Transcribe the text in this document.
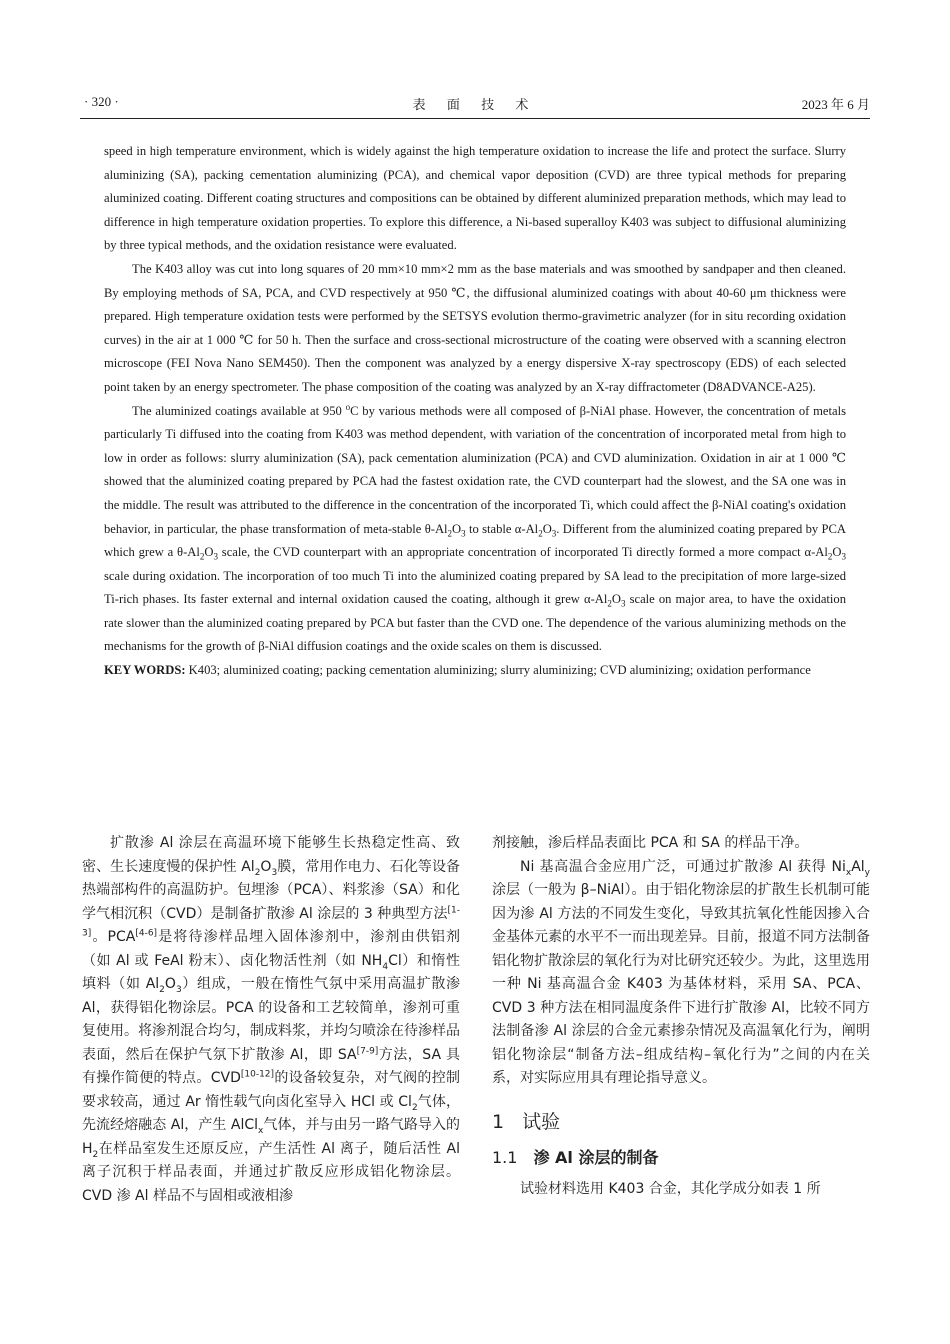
· 320 ·	表 面 技 术	2023 年 6 月

speed in high temperature environment, which is widely against the high temperature oxidation to increase the life and protect the surface. Slurry aluminizing (SA), packing cementation aluminizing (PCA), and chemical vapor deposition (CVD) are three typical methods for preparing aluminized coating. Different coating structures and compositions can be obtained by different aluminized preparation methods, which may lead to difference in high temperature oxidation properties. To explore this difference, a Ni-based superalloy K403 was subject to diffusional aluminizing by three typical methods, and the oxidation resistance were evaluated.

The K403 alloy was cut into long squares of 20 mm×10 mm×2 mm as the base materials and was smoothed by sandpaper and then cleaned. By employing methods of SA, PCA, and CVD respectively at 950 ℃, the diffusional aluminized coatings with about 40-60 μm thickness were prepared. High temperature oxidation tests were performed by the SETSYS evolution thermo-gravimetric analyzer (for in situ recording oxidation curves) in the air at 1 000 ℃ for 50 h. Then the surface and cross-sectional microstructure of the coating were observed with a scanning electron microscope (FEI Nova Nano SEM450). Then the component was analyzed by a energy dispersive X-ray spectroscopy (EDS) of each selected point taken by an energy spectrometer. The phase composition of the coating was analyzed by an X-ray diffractometer (D8ADVANCE-A25).

The aluminized coatings available at 950 $^o$C by various methods were all composed of β-NiAl phase. However, the concentration of metals particularly Ti diffused into the coating from K403 was method dependent, with variation of the concentration of incorporated metal from high to low in order as follows: slurry aluminization (SA), pack cementation aluminization (PCA) and CVD aluminization. Oxidation in air at 1 000 ℃ showed that the aluminized coating prepared by PCA had the fastest oxidation rate, the CVD counterpart had the slowest, and the SA one was in the middle. The result was attributed to the difference in the concentration of the incorporated Ti, which could affect the β-NiAl coating's oxidation behavior, in particular, the phase transformation of meta-stable $\theta-Al_2O_3$ to stable $\alpha-Al_2O_3$. Different from the aluminized coating prepared by PCA which grew a $\theta-Al_2O_3$ scale, the CVD counterpart with an appropriate concentration of incorporated Ti directly formed a more compact $\alpha-Al_2O_3$ scale during oxidation. The incorporation of too much Ti into the aluminized coating prepared by SA lead to the precipitation of more large-sized Ti-rich phases. Its faster external and internal oxidation caused the coating, although it grew $\alpha-Al_2O_3$ scale on major area, to have the oxidation rate slower than the aluminized coating prepared by PCA but faster than the CVD one. The dependence of the various aluminizing methods on the mechanisms for the growth of β-NiAl diffusion coatings and the oxide scales on them is discussed.

KEY WORDS: K403; aluminized coating; packing cementation aluminizing; slurry aluminizing; CVD aluminizing; oxidation performance

扩散渗 Al 涂层在高温环境下能够生长热稳定性高、致密、生长速度慢的保护性 $Al_2O_3$膜，常用作电力、石化等设备热端部构件的高温防护。包埋渗（PCA）、料浆渗（SA）和化学气相沉积（CVD）是制备扩散渗 Al 涂层的 3 种典型方法[1-3]。PCA[4-6]是将待渗样品埋入固体渗剂中，渗剂由供铝剂（如 Al 或 FeAl 粉末）、卤化物活性剂（如 $NH_4Cl$）和惰性填料（如 $Al_2O_3$）组成，一般在惰性气氛中采用高温扩散渗 Al，获得铝化物涂层。PCA 的设备和工艺较简单，渗剂可重复使用。将渗剂混合均匀，制成料浆，并均匀喷涂在待渗样品表面，然后在保护气氛下扩散渗 Al，即 SA[7-9]方法，SA 具有操作简便的特点。CVD[10-12]的设备较复杂，对气阀的控制要求较高，通过 Ar 惰性载气向卤化室导入 HCl 或 $Cl_2$气体，先流经熔融态 Al，产生 AlCl$_x$气体，并与由另一路气路导入的 $H_2$在样品室发生还原反应，产生活性 Al 离子，随后活性 Al 离子沉积于样品表面，并通过扩散反应形成铝化物涂层。CVD 渗 Al 样品不与固相或液相渗

剂接触，渗后样品表面比 PCA 和 SA 的样品干净。

Ni 基高温合金应用广泛，可通过扩散渗 Al 获得 $Ni_xAl_y$涂层（一般为 β–NiAl）。由于铝化物涂层的扩散生长机制可能因为渗 Al 方法的不同发生变化，导致其抗氧化性能因掺入合金基体元素的水平不一而出现差异。目前，报道不同方法制备铝化物扩散涂层的氧化行为对比研究还较少。为此，这里选用一种 Ni 基高温合金 K403 为基体材料，采用 SA、PCA、CVD 3 种方法在相同温度条件下进行扩散渗 Al，比较不同方法制备渗 Al 涂层的合金元素掺杂情况及高温氧化行为，阐明铝化物涂层“制备方法–组成结构–氧化行为”之间的内在关系，对实际应用具有理论指导意义。

1 试验
1.1 渗 Al 涂层的制备

试验材料选用 K403 合金，其化学成分如表 1 所
